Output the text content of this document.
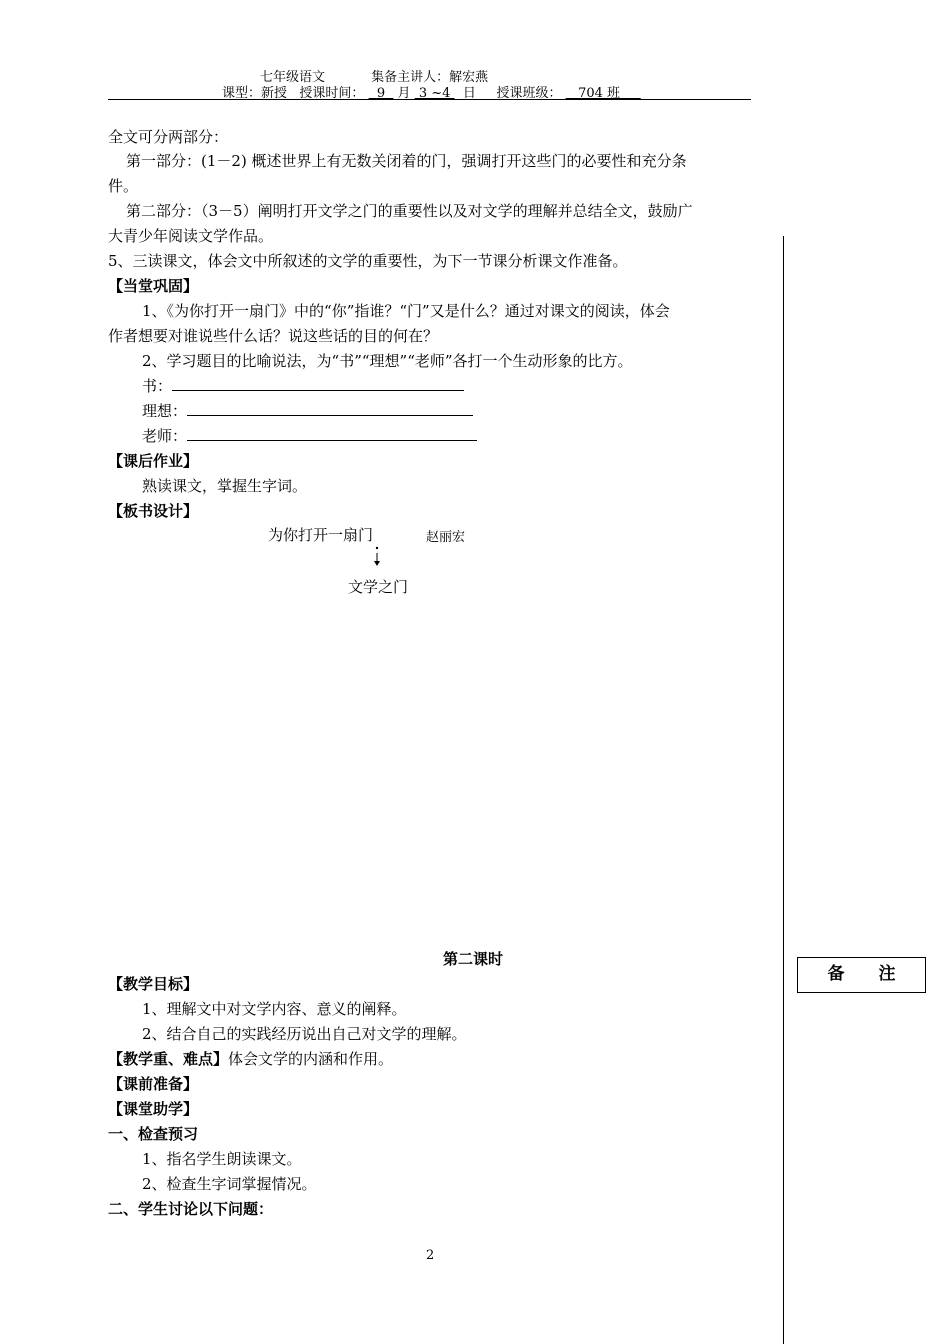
七年级语文	集备主讲人：解宏燕
课型：新授 授课时间： 9 月 3 ~4 日 授课班级： 704 班
备 注
全文可分两部分：
第一部分：(1－2) 概述世界上有无数关闭着的门，强调打开这些门的必要性和充分条
件。
第二部分：（3－5）阐明打开文学之门的重要性以及对文学的理解并总结全文，鼓励广
大青少年阅读文学作品。
5、三读课文，体会文中所叙述的文学的重要性，为下一节课分析课文作准备。
【当堂巩固】
1、《为你打开一扇门》中的“你”指谁？“门”又是什么？通过对课文的阅读，体会
作者想要对谁说些什么话？说这些话的目的何在？
2、学习题目的比喻说法，为“书”“理想”“老师”各打一个生动形象的比方。
书：
理想：
老师：
【课后作业】
熟读课文，掌握生字词。
【板书设计】
为你打开一扇门	赵丽宏
文学之门
第二课时
【教学目标】
1、理解文中对文学内容、意义的阐释。
2、结合自己的实践经历说出自己对文学的理解。
【教学重、难点】体会文学的内涵和作用。
【课前准备】
【课堂助学】
一、检查预习
1、指名学生朗读课文。
2、检查生字词掌握情况。
二、学生讨论以下问题：
2
